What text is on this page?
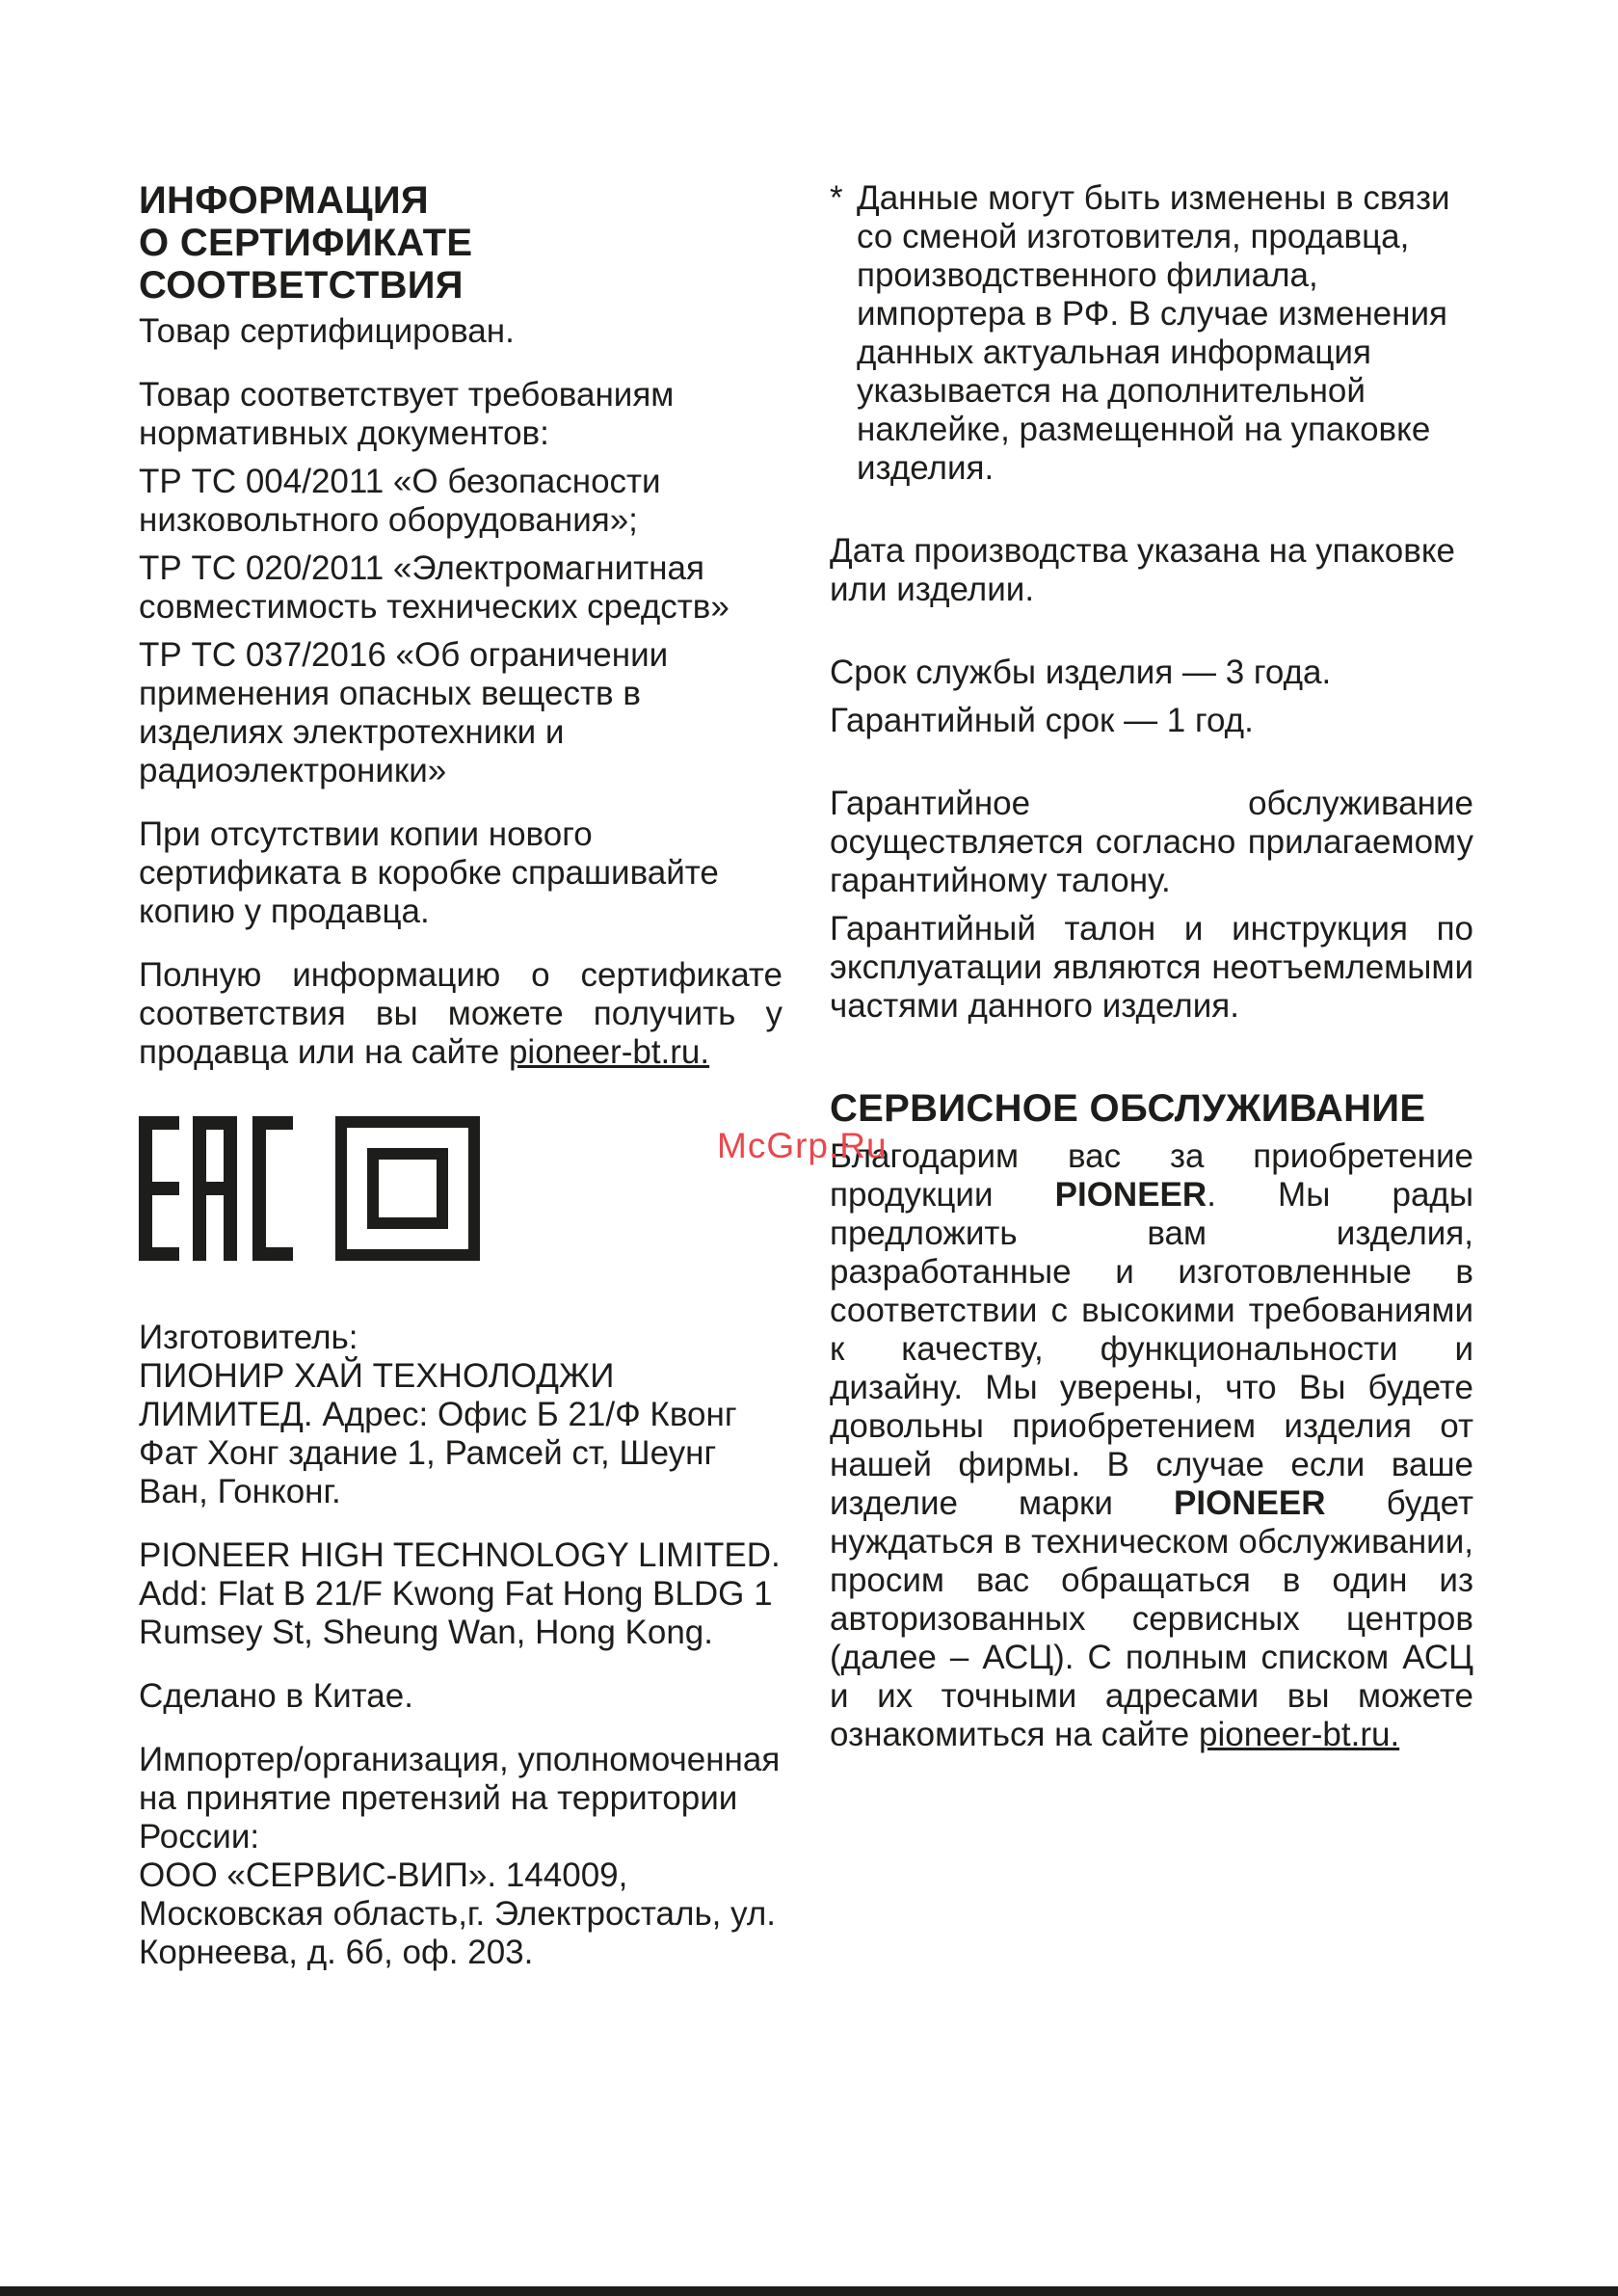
ИНФОРМАЦИЯ
О СЕРТИФИКАТЕ
СООТВЕТСТВИЯ

Товар сертифицирован.

Товар соответствует требованиям нормативных документов:

ТР ТС 004/2011 «О безопасности низковольтного оборудования»;

ТР ТС 020/2011 «Электромагнитная совместимость технических средств»

ТР ТС 037/2016 «Об ограничении применения опасных веществ в изделиях электротехники и радиоэлектроники»

При отсутствии копии нового сертификата в коробке спрашивайте копию у продавца.

Полную информацию о сертификате соответствия вы можете получить у продавца или на сайте pioneer-bt.ru.

Изготовитель:

ПИОНИР ХАЙ ТЕХНОЛОДЖИ ЛИМИТЕД. Адрес: Офис Б 21/Ф Квонг Фат Хонг здание 1, Рамсей ст, Шеунг Ван, Гонконг.

PIONEER HIGH TECHNOLOGY LIMITED. Add: Flat B 21/F Kwong Fat Hong BLDG 1 Rumsey St, Sheung Wan, Hong Kong.

Сделано в Китае.

Импортер/организация, уполномоченная на принятие претензий на территории России:

ООО «СЕРВИС-ВИП». 144009, Московская область,г. Электросталь, ул. Корнеева, д. 6б, оф. 203.

* Данные могут быть изменены в связи со сменой изготовителя, продавца, производственного филиала, импортера в РФ. В случае изменения данных актуальная информация указывается на дополнительной наклейке, размещенной на упаковке изделия.

Дата производства указана на упаковке или изделии.

Срок службы изделия — 3 года.

Гарантийный срок — 1 год.

Гарантийное обслуживание осуществляется согласно прилагаемому гарантийному талону.

Гарантийный талон и инструкция по эксплуатации являются неотъемлемыми частями данного изделия.

СЕРВИСНОЕ ОБСЛУЖИВАНИЕ

Благодарим вас за приобретение продукции PIONEER. Мы рады предложить вам изделия, разработанные и изготовленные в соответствии с высокими требованиями к качеству, функциональности и дизайну. Мы уверены, что Вы будете довольны приобретением изделия от нашей фирмы. В случае если ваше изделие марки PIONEER будет нуждаться в техническом обслуживании, просим вас обращаться в один из авторизованных сервисных центров (далее – АСЦ). С полным списком АСЦ и их точными адресами вы можете ознакомиться на сайте pioneer-bt.ru.

McGrp.Ru
